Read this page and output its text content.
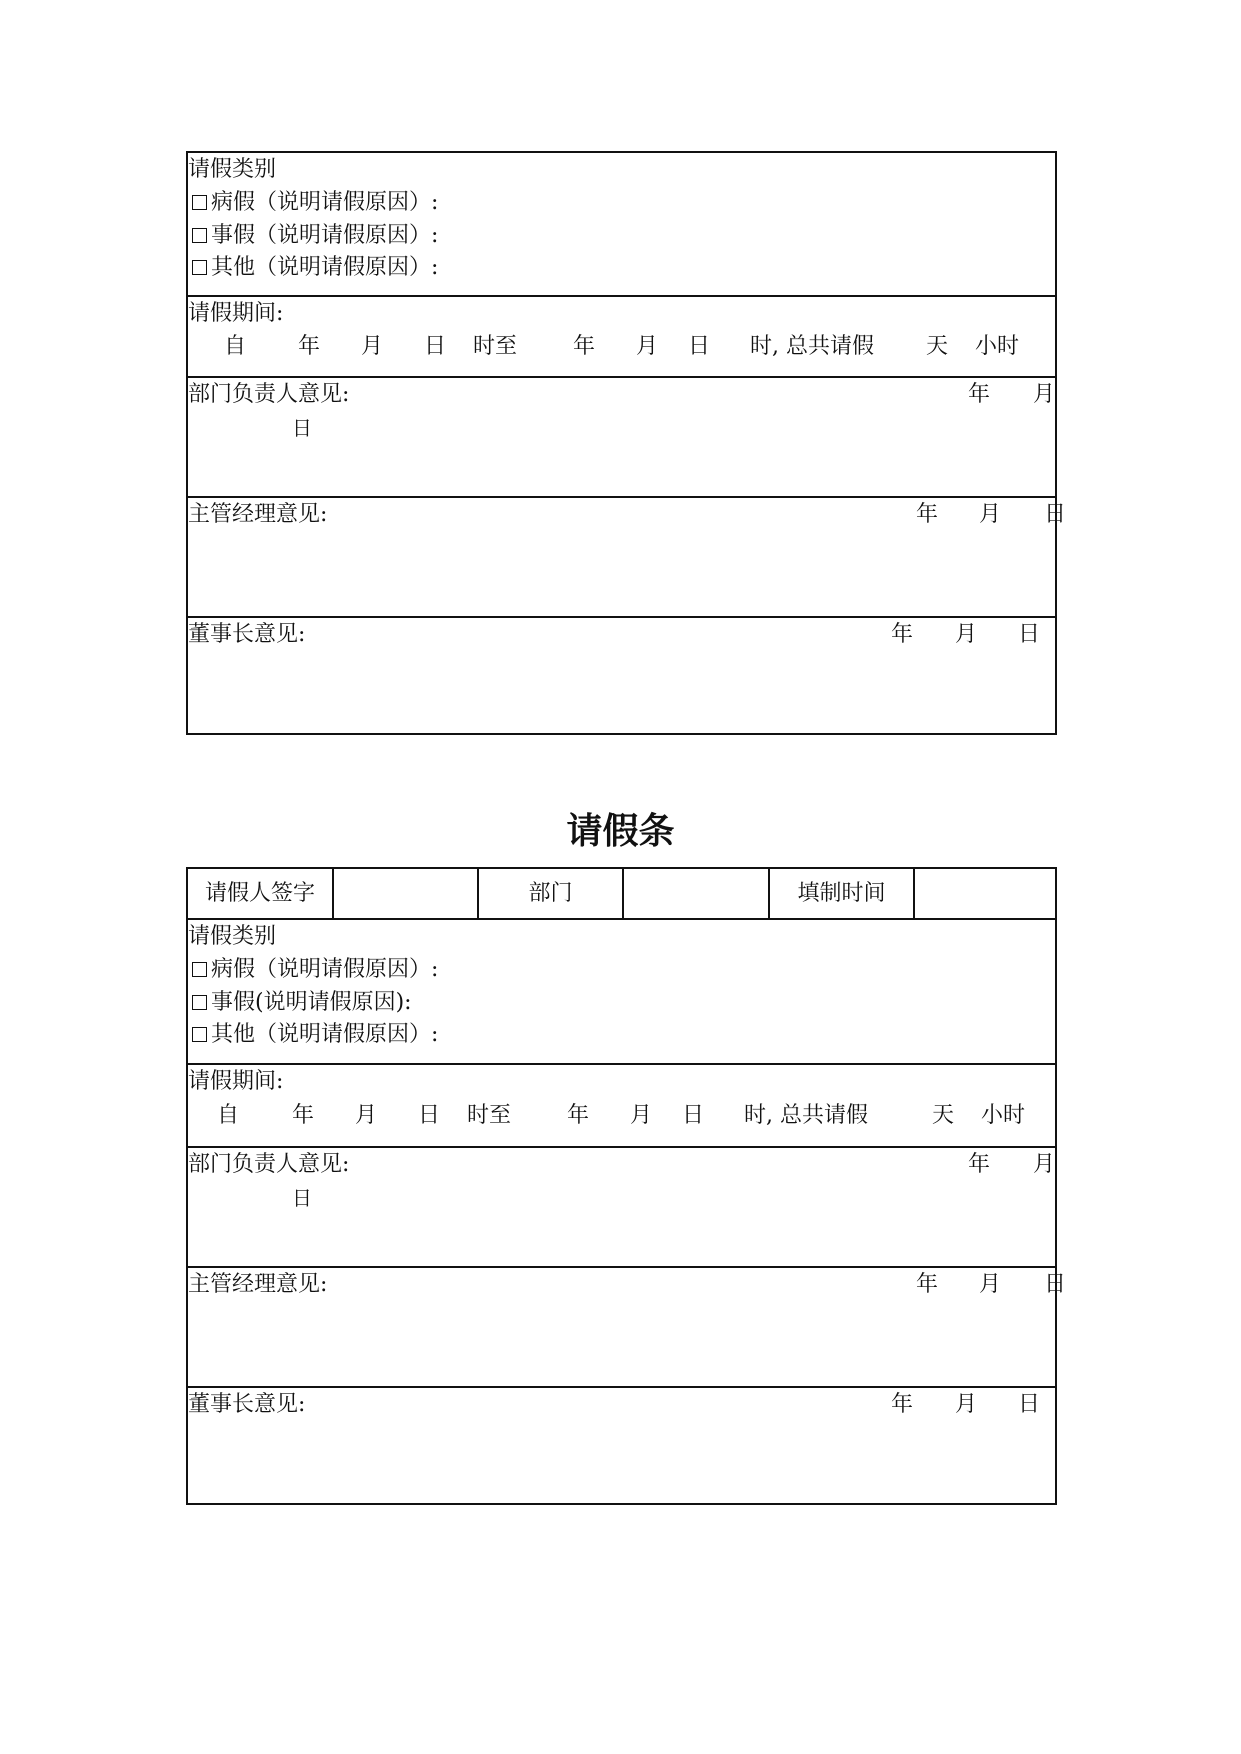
请假类别
病假（说明请假原因）:
事假（说明请假原因）:
其他（说明请假原因）:
请假期间:
自 年 月 日 时至	年 月 日 时, 总共请假 天 小时
部门负责人意见:	年 月
日
主管经理意见:	年 月 日
董事长意见:	年 月 日
请假条
请假人签字	部门	填制时间
请假类别
病假（说明请假原因）:
事假(说明请假原因):
其他（说明请假原因）:
请假期间:
自 年 月 日 时至	年 月 日 时, 总共请假	天 小时
部门负责人意见:	年 月
日
主管经理意见:	年 月 日
董事长意见:	年 月 日
